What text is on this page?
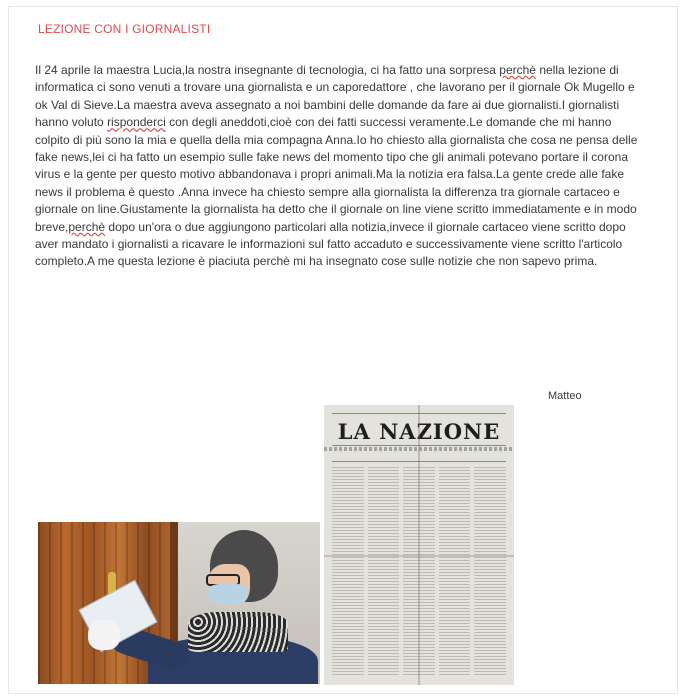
LEZIONE CON I GIORNALISTI
Il 24 aprile la maestra Lucia,la nostra insegnante di tecnologia, ci ha fatto una sorpresa perchè nella lezione di informatica ci sono venuti a trovare una giornalista e un caporedattore , che lavorano per il giornale Ok Mugello e ok Val di Sieve.La maestra aveva assegnato a noi bambini delle domande da fare ai due giornalisti.I giornalisti hanno voluto risponderci con degli aneddoti,cioè con dei fatti successi veramente.Le domande che mi hanno colpito di più sono la mia e quella della mia compagna Anna.Io ho chiesto alla giornalista che cosa ne pensa delle fake news,lei ci ha fatto un esempio sulle fake news del momento tipo che gli animali potevano portare il corona virus e la gente per questo motivo abbandonava i propri animali.Ma la notizia era falsa.La gente crede alle fake news il problema è questo .Anna invece ha chiesto sempre alla giornalista la differenza tra giornale cartaceo e giornale on line.Giustamente la giornalista ha detto che il giornale on line viene scritto immediatamente e in modo breve,perchè dopo un'ora o due aggiungono particolari alla notizia,invece il giornale cartaceo viene scritto dopo aver mandato i giornalisti a ricavare le informazioni sul fatto accaduto e successivamente viene scritto l'articolo completo.A me questa lezione è piaciuta perchè mi ha insegnato cose sulle notizie che non sapevo prima.
Matteo
LA NAZIONE
